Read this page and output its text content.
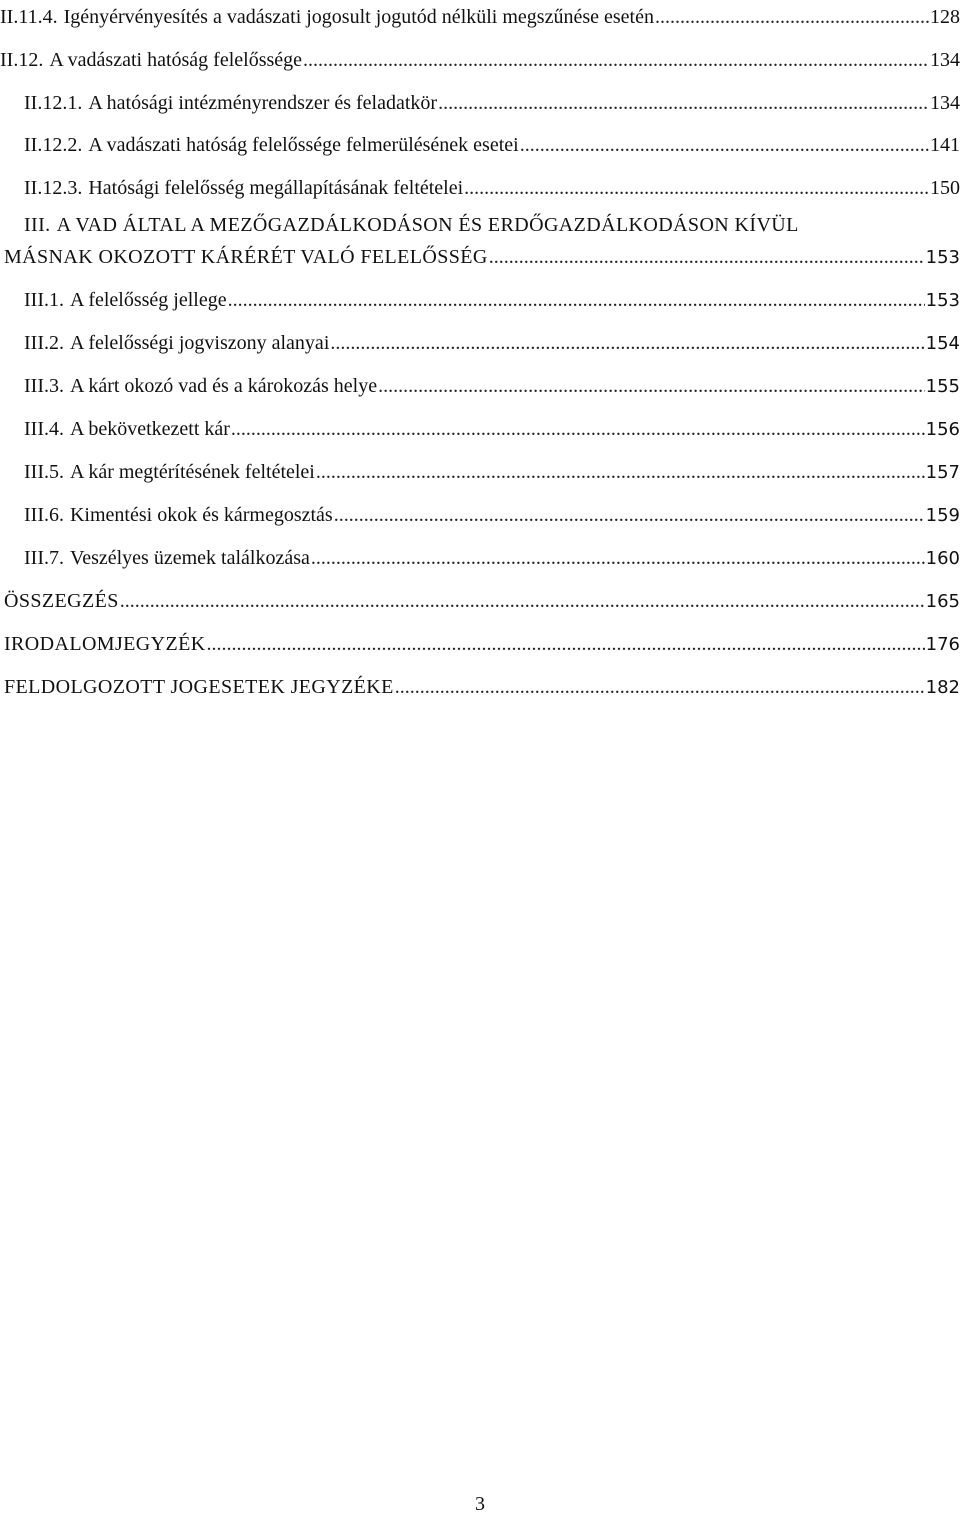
II.11.4. Igényérvényesítés a vadászati jogosult jogutód nélküli megszűnése esetén .....	128
II.12. A vadászati hatóság felelőssége .....	134
II.12.1. A hatósági intézményrendszer és feladatkör .....	134
II.12.2. A vadászati hatóság felelőssége felmerülésének esetei .....	141
II.12.3. Hatósági felelősség megállapításának feltételei .....	150
III. A VAD ÁLTAL A MEZŐGAZDÁLKODÁSON ÉS ERDŐGAZDÁLKODÁSON KÍVÜL
MÁSNAK OKOZOTT KÁRÉRÉT VALÓ FELELŐSSÉG .....	153
III.1. A felelősség jellege .....	153
III.2. A felelősségi jogviszony alanyai .....	154
III.3. A kárt okozó vad és a károkozás helye .....	155
III.4. A bekövetkezett kár .....	156
III.5. A kár megtérítésének feltételei .....	157
III.6. Kimentési okok és kármegosztás .....	159
III.7. Veszélyes üzemek találkozása .....	160
ÖSSZEGZÉS .....	165
IRODALOMJEGYZÉK .....	176
FELDOLGOZOTT JOGESETEK JEGYZÉKE .....	182
3
